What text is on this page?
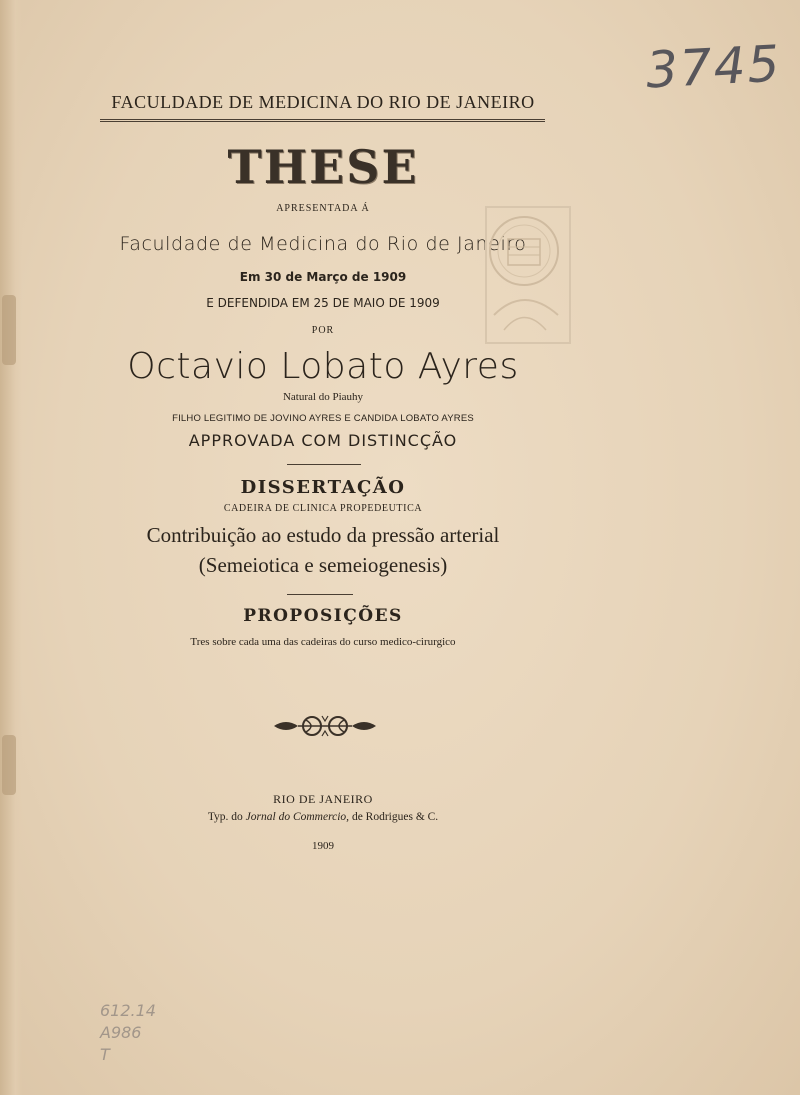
3745
FACULDADE DE MEDICINA DO RIO DE JANEIRO
THESE
APRESENTADA Á
Faculdade de Medicina do Rio de Janeiro
Em 30 de Março de 1909
E DEFENDIDA EM 25 DE MAIO DE 1909
POR
Octavio Lobato Ayres
Natural do Piauhy
FILHO LEGITIMO DE JOVINO AYRES E CANDIDA LOBATO AYRES
APPROVADA COM DISTINCÇÃO
DISSERTAÇÃO
CADEIRA DE CLINICA PROPEDEUTICA
Contribuição ao estudo da pressão arterial
(Semeiotica e semeiogenesis)
PROPOSIÇÕES
Tres sobre cada uma das cadeiras do curso medico-cirurgico
RIO DE JANEIRO
Typ. do Jornal do Commercio, de Rodrigues & C.
1909
612.14
A986
T
